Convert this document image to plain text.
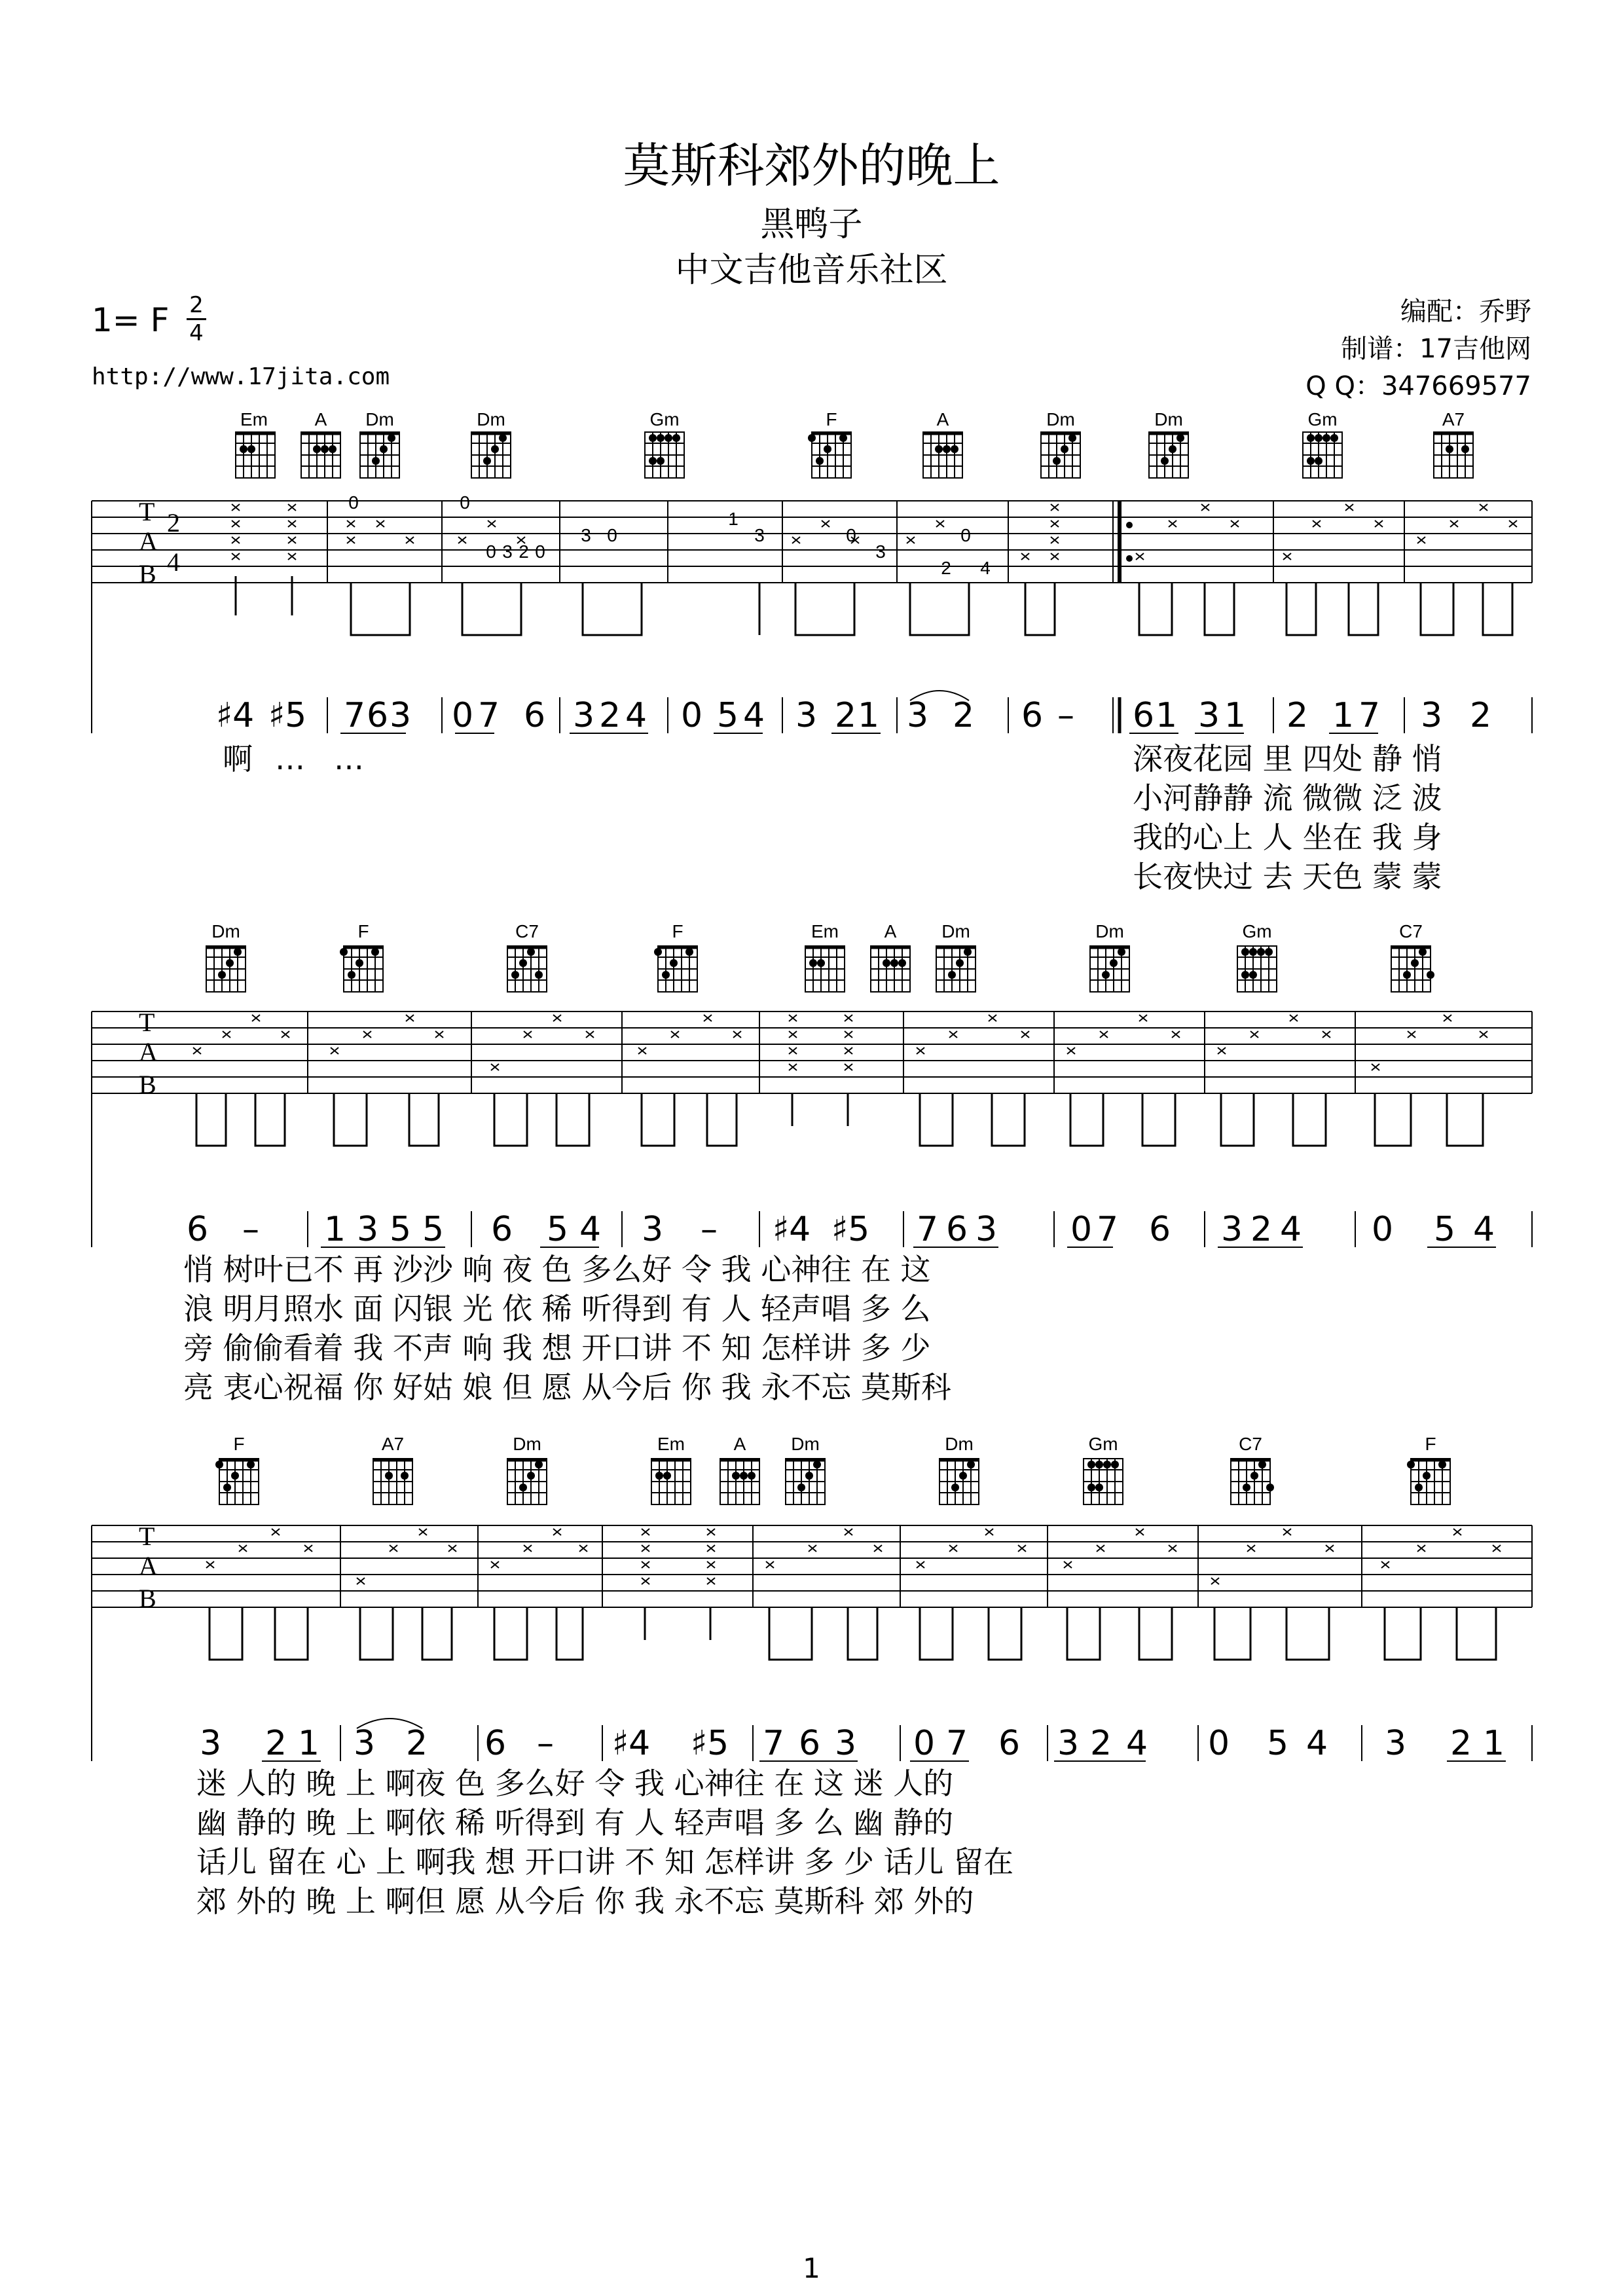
莫斯科郊外的晚上
黑鸭子
中文吉他音乐社区
1= F 2
4
http://www.17jita.com
编配：乔野
制谱：17吉他网
Q Q：347669577
T
A
B
2
4
Em	A Dm	Dm	Gm	F	A	Dm	Dm	Gm	A7
0	0
0 3 2 0
3 0
1
3	0
3
0
2 4
♯4 ♯5 7 6 3 0 7 6 3 2 4 0 5 4 3 2 1 3 2 6 – 6 1 3 1 2 1 7 3 2
啊 … …	深夜花园 里 四处 静 悄
小河静静 流 微微 泛 波
我的心上 人 坐在 我 身
长夜快过 去 天色 蒙 蒙
T
A
B
Dm	F	C7	F	Em A Dm	Dm	Gm	C7
6 – 1 3 5 5 6 5 4 3 – ♯4 ♯5 7 6 3 0 7 6 3 2 4 0 5 4
悄 树叶已不 再 沙沙 响 夜 色 多么好 令 我 心神往 在 这
浪 明月照水 面 闪银 光 依 稀 听得到 有 人 轻声唱 多 么
旁 偷偷看着 我 不声 响 我 想 开口讲 不 知 怎样讲 多 少
亮 衷心祝福 你 好姑 娘 但 愿 从今后 你 我 永不忘 莫斯科
T
A
B
F	A7	Dm	Em	A Dm	Dm	Gm	C7	F
3 2 1 3 2 6 – ♯4 ♯5 7 6 3 0 7 6 3 2 4 0 5 4 3 2 1
迷 人的 晚 上 啊夜 色 多么好 令 我 心神往 在 这 迷 人的
幽 静的 晚 上 啊依 稀 听得到 有 人 轻声唱 多 么 幽 静的
话儿 留在 心 上 啊我 想 开口讲 不 知 怎样讲 多 少 话儿 留在
郊 外的 晚 上 啊但 愿 从今后 你 我 永不忘 莫斯科 郊 外的
1
